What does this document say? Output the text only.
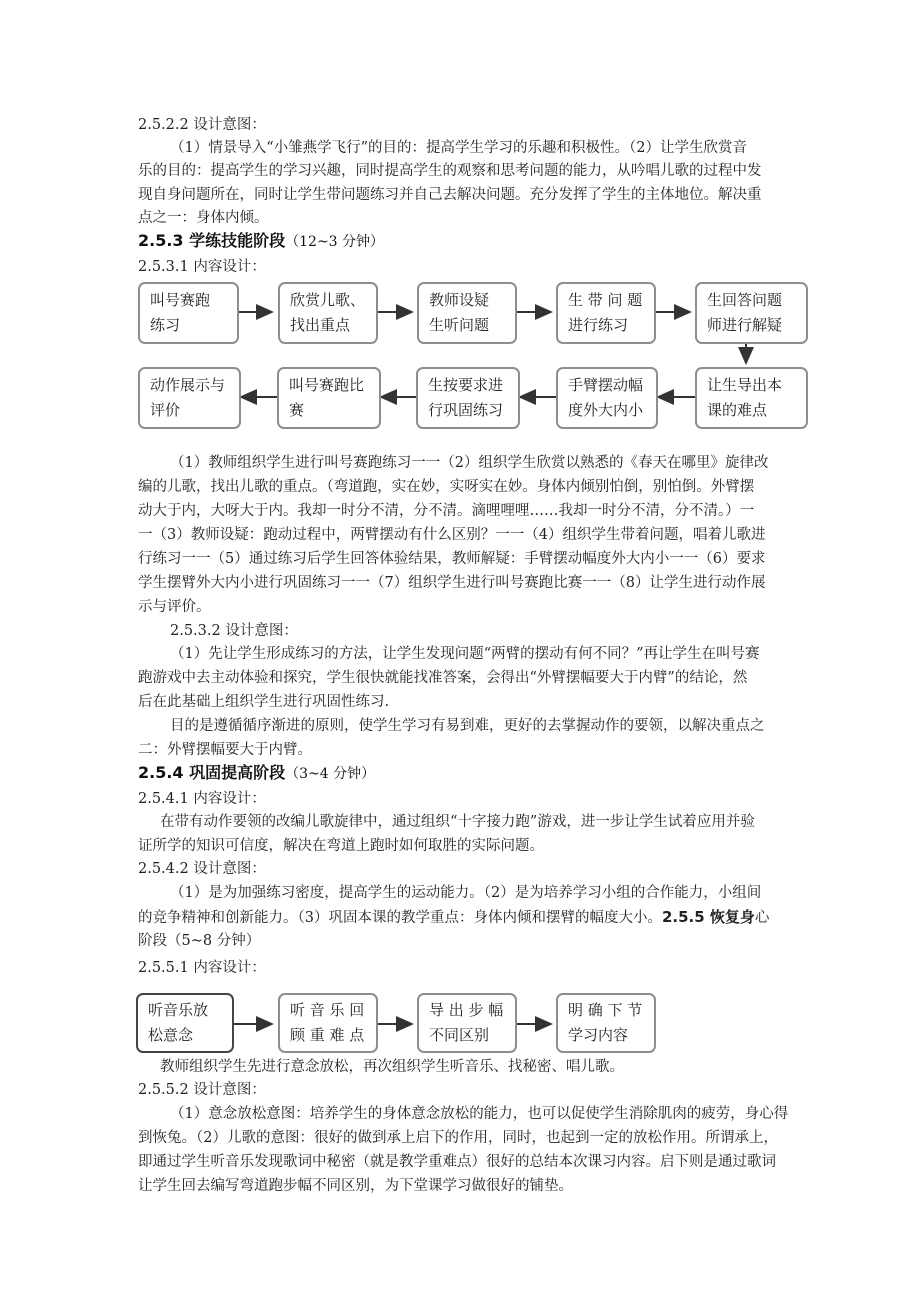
2.5.2.2 设计意图：
（1）情景导入“小雏燕学飞行”的目的：提高学生学习的乐趣和积极性。（2）让学生欣赏音
乐的目的：提高学生的学习兴趣，同时提高学生的观察和思考问题的能力，从吟唱儿歌的过程中发
现自身问题所在，同时让学生带问题练习并自己去解决问题。充分发挥了学生的主体地位。解决重
点之一：身体内倾。
2.5.3 学练技能阶段（12~3 分钟）
2.5.3.1 内容设计：
叫号赛跑
练习
欣赏儿歌、
找出重点
教师设疑
生听问题
生 带 问 题
进行练习
生回答问题
师进行解疑
让生导出本
课的难点
手臂摆动幅
度外大内小
生按要求进
行巩固练习
叫号赛跑比
赛
动作展示与
评价
（1）教师组织学生进行叫号赛跑练习一一（2）组织学生欣赏以熟悉的《春天在哪里》旋律改
编的儿歌，找出儿歌的重点。（弯道跑，实在妙，实呀实在妙。身体内倾别怕倒，别怕倒。外臂摆
动大于内，大呀大于内。我却一时分不清，分不清。滴哩哩哩……我却一时分不清，分不清。）一
一（3）教师设疑：跑动过程中，两臂摆动有什么区别？一一（4）组织学生带着问题，唱着儿歌进
行练习一一（5）通过练习后学生回答体验结果，教师解疑：手臂摆动幅度外大内小一一（6）要求
学生摆臂外大内小进行巩固练习一一（7）组织学生进行叫号赛跑比赛一一（8）让学生进行动作展
示与评价。
2.5.3.2 设计意图：
（1）先让学生形成练习的方法，让学生发现问题“两臂的摆动有何不同？”再让学生在叫号赛
跑游戏中去主动体验和探究，学生很快就能找准答案，会得出“外臂摆幅要大于内臂”的结论，然
后在此基础上组织学生进行巩固性练习.
目的是遵循循序渐进的原则，使学生学习有易到难，更好的去掌握动作的要领，以解决重点之
二：外臂摆幅要大于内臂。
2.5.4 巩固提高阶段（3~4 分钟）
2.5.4.1 内容设计：
在带有动作要领的改编儿歌旋律中，通过组织“十字接力跑”游戏，进一步让学生试着应用并验
证所学的知识可信度，解决在弯道上跑时如何取胜的实际问题。
2.5.4.2 设计意图：
（1）是为加强练习密度，提高学生的运动能力。（2）是为培养学习小组的合作能力，小组间
的竞争精神和创新能力。（3）巩固本课的教学重点：身体内倾和摆臂的幅度大小。2.5.5 恢复身心
阶段（5~8 分钟）
2.5.5.1 内容设计：
听音乐放
松意念
听 音 乐 回
顾 重 难 点
导 出 步 幅
不同区别
明 确 下 节
学习内容
教师组织学生先进行意念放松，再次组织学生听音乐、找秘密、唱儿歌。
2.5.5.2 设计意图：
（1）意念放松意图：培养学生的身体意念放松的能力，也可以促使学生消除肌肉的疲劳，身心得
到恢兔。（2）儿歌的意图：很好的做到承上启下的作用，同时，也起到一定的放松作用。所谓承上，
即通过学生听音乐发现歌词中秘密（就是教学重难点）很好的总结本次课习内容。启下则是通过歌词
让学生回去编写弯道跑步幅不同区别，为下堂课学习做很好的铺垫。
